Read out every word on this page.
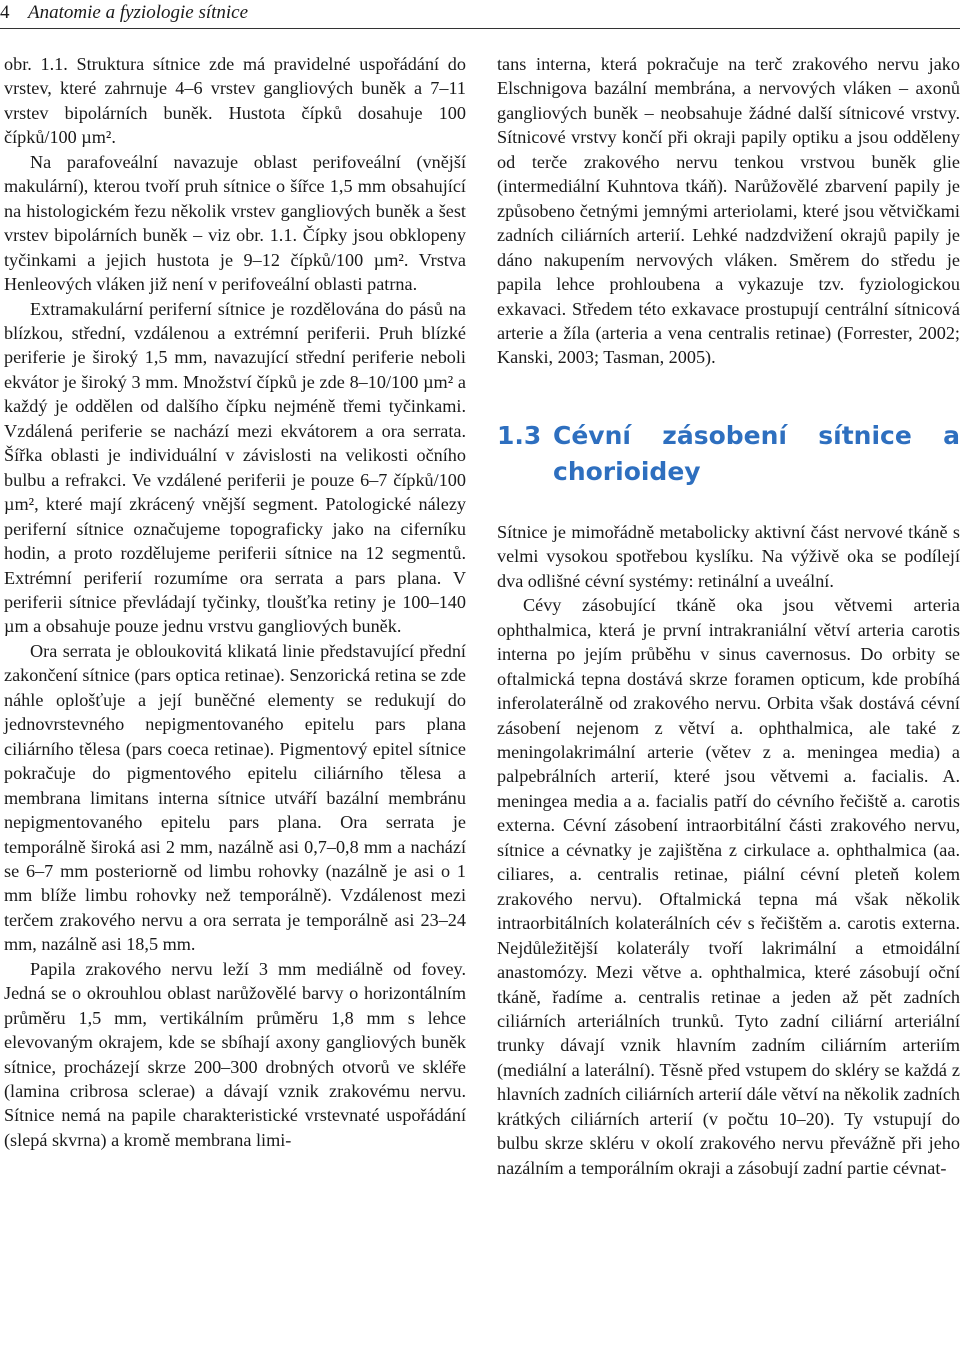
4 Anatomie a fyziologie sítnice

obr. 1.1. Struktura sítnice zde má pravidelné uspořádání do vrstev, které zahrnuje 4–6 vrstev gangliových buněk a 7–11 vrstev bipolárních buněk. Hustota čípků dosahuje 100 čípků/100 µm².

Na parafoveální navazuje oblast perifoveální (vnější makulární), kterou tvoří pruh sítnice o šířce 1,5 mm obsahující na histologickém řezu několik vrstev gangliových buněk a šest vrstev bipolárních buněk – viz obr. 1.1. Čípky jsou obklopeny tyčinkami a jejich hustota je 9–12 čípků/100 µm². Vrstva Henleových vláken již není v perifoveální oblasti patrna.

Extramakulární periferní sítnice je rozdělována do pásů na blízkou, střední, vzdálenou a extrémní periferii. Pruh blízké periferie je široký 1,5 mm, navazující střední periferie neboli ekvátor je široký 3 mm. Množství čípků je zde 8–10/100 µm² a každý je oddělen od dalšího čípku nejméně třemi tyčinkami. Vzdálená periferie se nachází mezi ekvátorem a ora serrata. Šířka oblasti je individuální v závislosti na velikosti očního bulbu a refrakci. Ve vzdálené periferii je pouze 6–7 čípků/100 µm², které mají zkrácený vnější segment. Patologické nálezy periferní sítnice označujeme topograficky jako na ciferníku hodin, a proto rozdělujeme periferii sítnice na 12 segmentů. Extrémní periferií rozumíme ora serrata a pars plana. V periferii sítnice převládají tyčinky, tloušťka retiny je 100–140 µm a obsahuje pouze jednu vrstvu gangliových buněk.

Ora serrata je obloukovitá klikatá linie představující přední zakončení sítnice (pars optica retinae). Senzorická retina se zde náhle oplošťuje a její buněčné elementy se redukují do jednovrstevného nepigmentovaného epitelu pars plana ciliárního tělesa (pars coeca retinae). Pigmentový epitel sítnice pokračuje do pigmentového epitelu ciliárního tělesa a membrana limitans interna sítnice utváří bazální membránu nepigmentovaného epitelu pars plana. Ora serrata je temporálně široká asi 2 mm, nazálně asi 0,7–0,8 mm a nachází se 6–7 mm posteriorně od limbu rohovky (nazálně je asi o 1 mm blíže limbu rohovky než temporálně). Vzdálenost mezi terčem zrakového nervu a ora serrata je temporálně asi 23–24 mm, nazálně asi 18,5 mm.

Papila zrakového nervu leží 3 mm mediálně od fovey. Jedná se o okrouhlou oblast narůžovělé barvy o horizontálním průměru 1,5 mm, vertikálním průměru 1,8 mm s lehce elevovaným okrajem, kde se sbíhají axony gangliových buněk sítnice, procházejí skrze 200–300 drobných otvorů ve skléře (lamina cribrosa sclerae) a dávají vznik zrakovému nervu. Sítnice nemá na papile charakteristické vrstevnaté uspořádání (slepá skvrna) a kromě membrana limi-

tans interna, která pokračuje na terč zrakového nervu jako Elschnigova bazální membrána, a nervových vláken – axonů gangliových buněk – neobsahuje žádné další sítnicové vrstvy. Sítnicové vrstvy končí při okraji papily optiku a jsou odděleny od terče zrakového nervu tenkou vrstvou buněk glie (intermediální Kuhntova tkáň). Narůžovělé zbarvení papily je způsobeno četnými jemnými arteriolami, které jsou větvičkami zadních ciliárních arterií. Lehké nadzdvižení okrajů papily je dáno nakupením nervových vláken. Směrem do středu je papila lehce prohloubena a vykazuje tzv. fyziologickou exkavaci. Středem této exkavace prostupují centrální sítnicová arterie a žíla (arteria a vena centralis retinae) (Forrester, 2002; Kanski, 2003; Tasman, 2005).

1.3 Cévní zásobení sítnice a chorioidey

Sítnice je mimořádně metabolicky aktivní část nervové tkáně s velmi vysokou spotřebou kyslíku. Na výživě oka se podílejí dva odlišné cévní systémy: retinální a uveální.

Cévy zásobující tkáně oka jsou větvemi arteria ophthalmica, která je první intrakraniální větví arteria carotis interna po jejím průběhu v sinus cavernosus. Do orbity se oftalmická tepna dostává skrze foramen opticum, kde probíhá inferolaterálně od zrakového nervu. Orbita však dostává cévní zásobení nejenom z větví a. ophthalmica, ale také z meningolakrimální arterie (větev z a. meningea media) a palpebrálních arterií, které jsou větvemi a. facialis. A. meningea media a a. facialis patří do cévního řečiště a. carotis externa. Cévní zásobení intraorbitální části zrakového nervu, sítnice a cévnatky je zajištěna z cirkulace a. ophthalmica (aa. ciliares, a. centralis retinae, piální cévní pleteň kolem zrakového nervu). Oftalmická tepna má však několik intraorbitálních kolaterálních cév s řečištěm a. carotis externa. Nejdůležitější kolaterály tvoří lakrimální a etmoidální anastomózy. Mezi větve a. ophthalmica, které zásobují oční tkáně, řadíme a. centralis retinae a jeden až pět zadních ciliárních arteriálních trunků. Tyto zadní ciliární arteriální trunky dávají vznik hlavním zadním ciliárním arteriím (mediální a laterální). Těsně před vstupem do skléry se každá z hlavních zadních ciliárních arterií dále větví na několik zadních krátkých ciliárních arterií (v počtu 10–20). Ty vstupují do bulbu skrze skléru v okolí zrakového nervu převážně při jeho nazálním a temporálním okraji a zásobují zadní partie cévnat-
